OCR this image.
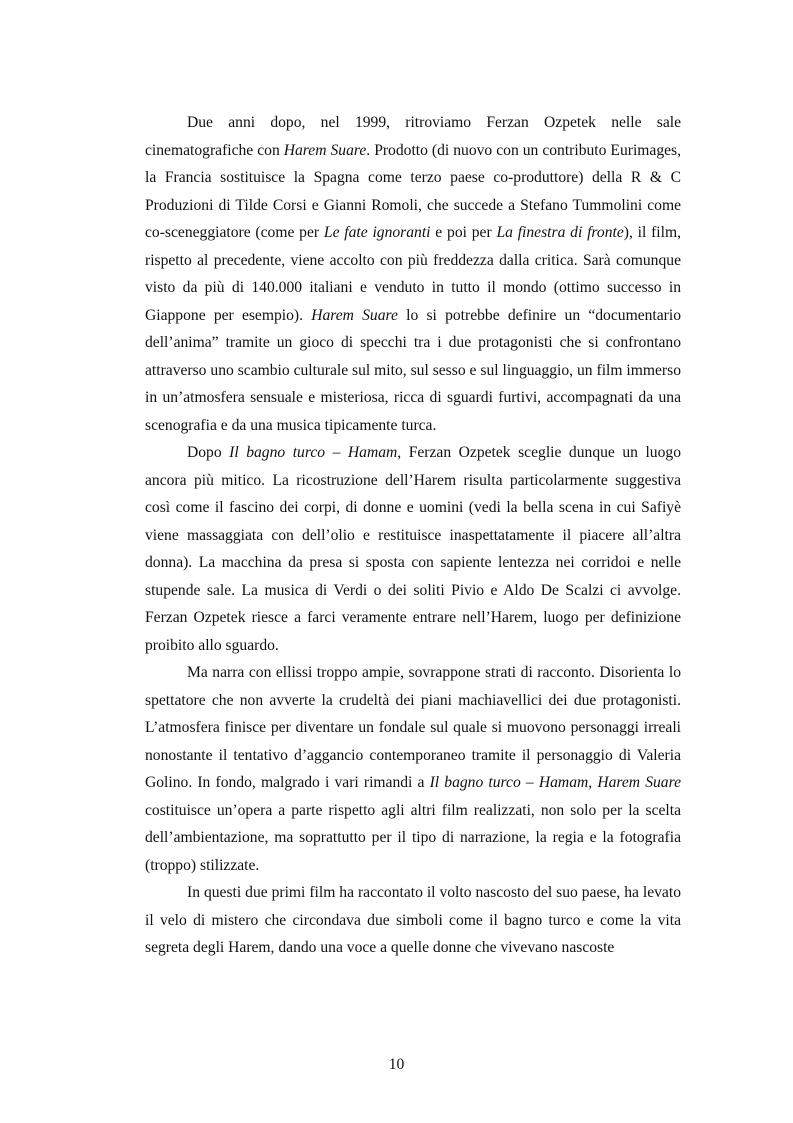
Due anni dopo, nel 1999, ritroviamo Ferzan Ozpetek nelle sale cinematografiche con Harem Suare. Prodotto (di nuovo con un contributo Eurimages, la Francia sostituisce la Spagna come terzo paese co-produttore) della R & C Produzioni di Tilde Corsi e Gianni Romoli, che succede a Stefano Tummolini come co-sceneggiatore (come per Le fate ignoranti e poi per La finestra di fronte), il film, rispetto al precedente, viene accolto con più freddezza dalla critica. Sarà comunque visto da più di 140.000 italiani e venduto in tutto il mondo (ottimo successo in Giappone per esempio). Harem Suare lo si potrebbe definire un “documentario dell’anima” tramite un gioco di specchi tra i due protagonisti che si confrontano attraverso uno scambio culturale sul mito, sul sesso e sul linguaggio, un film immerso in un’atmosfera sensuale e misteriosa, ricca di sguardi furtivi, accompagnati da una scenografia e da una musica tipicamente turca.

Dopo Il bagno turco – Hamam, Ferzan Ozpetek sceglie dunque un luogo ancora più mitico. La ricostruzione dell’Harem risulta particolarmente suggestiva così come il fascino dei corpi, di donne e uomini (vedi la bella scena in cui Safiyè viene massaggiata con dell’olio e restituisce inaspettatamente il piacere all’altra donna). La macchina da presa si sposta con sapiente lentezza nei corridoi e nelle stupende sale. La musica di Verdi o dei soliti Pivio e Aldo De Scalzi ci avvolge. Ferzan Ozpetek riesce a farci veramente entrare nell’Harem, luogo per definizione proibito allo sguardo.

Ma narra con ellissi troppo ampie, sovrappone strati di racconto. Disorienta lo spettatore che non avverte la crudeltà dei piani machiavellici dei due protagonisti. L’atmosfera finisce per diventare un fondale sul quale si muovono personaggi irreali nonostante il tentativo d’aggancio contemporaneo tramite il personaggio di Valeria Golino. In fondo, malgrado i vari rimandi a Il bagno turco – Hamam, Harem Suare costituisce un’opera a parte rispetto agli altri film realizzati, non solo per la scelta dell’ambientazione, ma soprattutto per il tipo di narrazione, la regia e la fotografia (troppo) stilizzate.

In questi due primi film ha raccontato il volto nascosto del suo paese, ha levato il velo di mistero che circondava due simboli come il bagno turco e come la vita segreta degli Harem, dando una voce a quelle donne che vivevano nascoste

10
